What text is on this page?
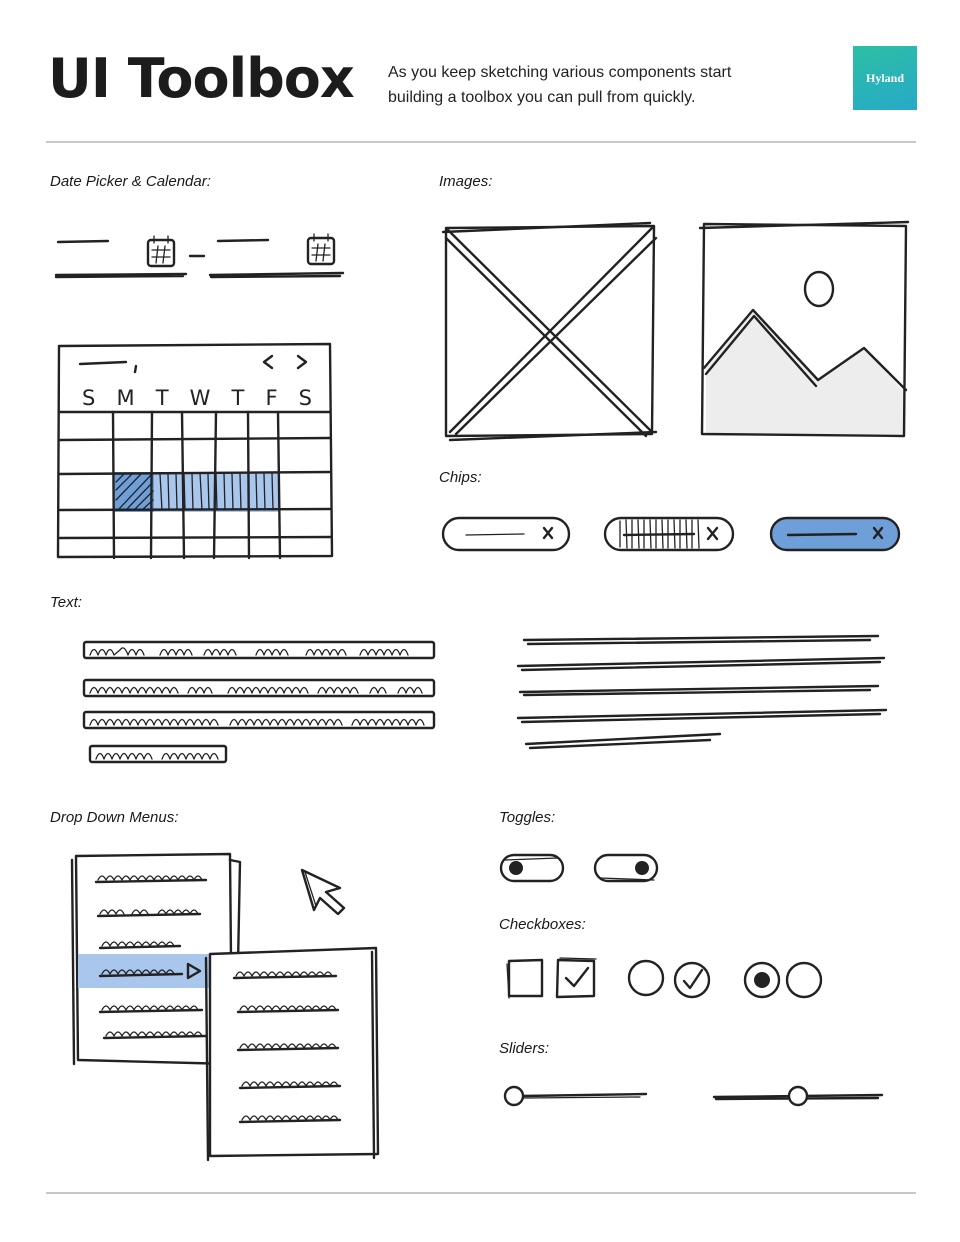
UI Toolbox As you keep sketching various components start building a toolbox you can pull from quickly.
Hyland
Date Picker & Calendar:	Images:
Chips:
Text:
Drop Down Menus:	Toggles:
Checkboxes:
Sliders:
S M T W T F S
